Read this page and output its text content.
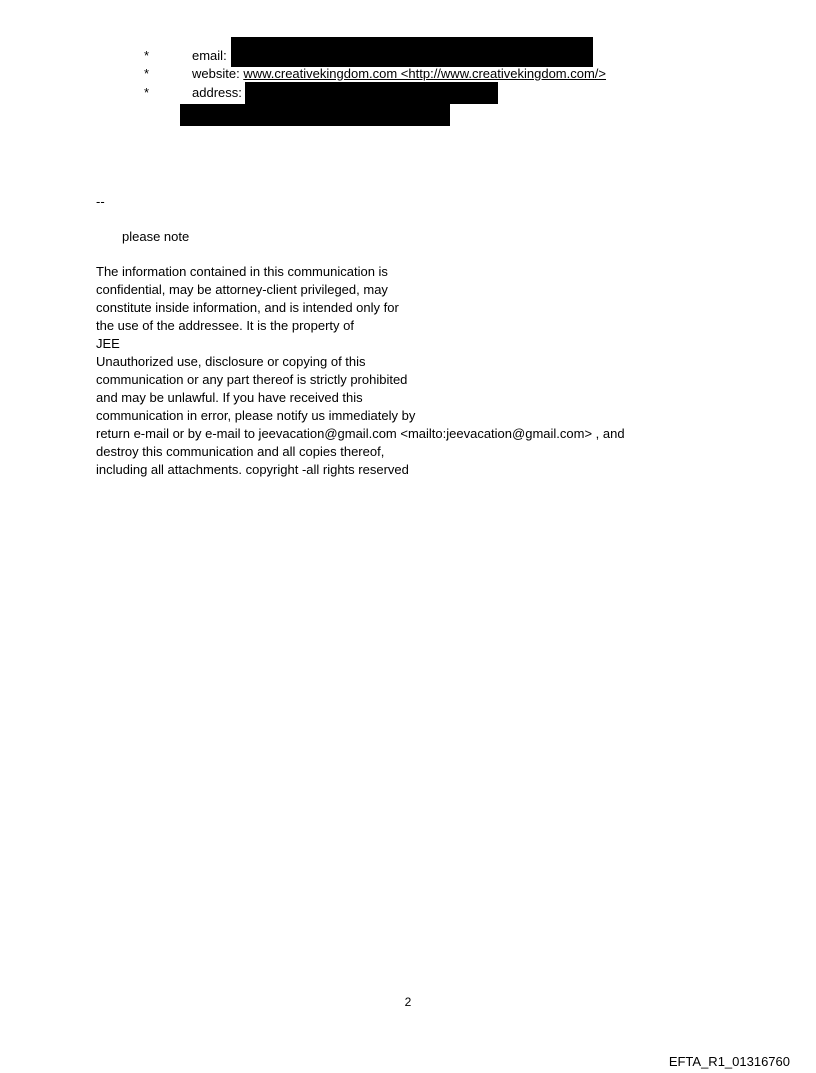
*	email:
*	website: www.creativekingdom.com <http://www.creativekingdom.com/>
*	address:
--
please note
The information contained in this communication is
confidential, may be attorney-client privileged, may
constitute inside information, and is intended only for
the use of the addressee. It is the property of
JEE
Unauthorized use, disclosure or copying of this
communication or any part thereof is strictly prohibited
and may be unlawful. If you have received this
communication in error, please notify us immediately by
return e-mail or by e-mail to jeevacation@gmail.com <mailto:jeevacation@gmail.com> , and
destroy this communication and all copies thereof,
including all attachments. copyright -all rights reserved
2
EFTA_R1_01316760
